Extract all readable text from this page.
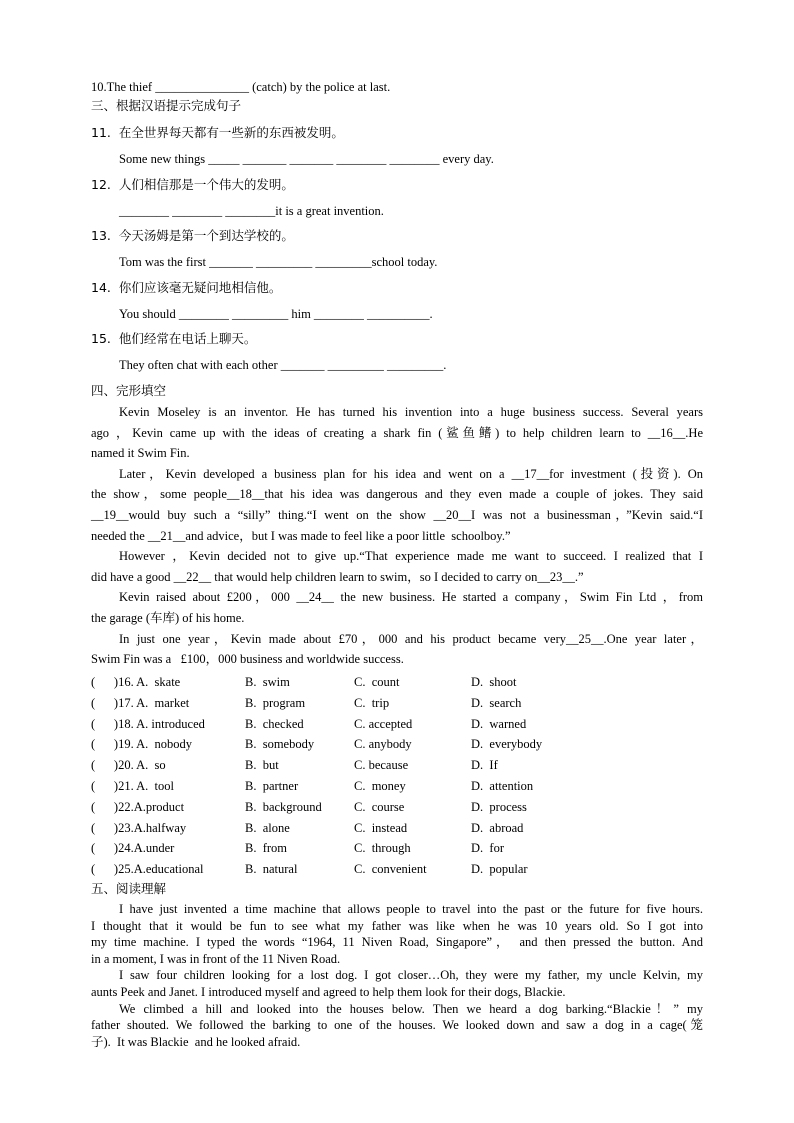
10.The thief _______________ (catch) by the police at last.
三、根据汉语提示完成句子
11.  在全世界每天都有一些新的东西被发明。
Some new things _____ _______ _______ ________ ________ every day.
12.  人们相信那是一个伟大的发明。
________ ________ ________it is a great invention.
13.  今天汤姆是第一个到达学校的。
Tom was the first _______ _________ _________school today.
14.  你们应该毫无疑问地相信他。
You should ________ _________ him ________ __________.
15.  他们经常在电话上聊天。
They often chat with each other _______ _________ _________.
四、完形填空
Kevin Moseley is an inventor. He has turned his invention into a huge business success. Several years
ago ，Kevin came up with the ideas of creating a shark fin (鲨鱼鳍) to help children learn to __16__.He
named it Swim Fin.
Later，Kevin developed a business plan for his idea and went on a __17__for investment (投资). On
the show，some people__18__that his idea was dangerous and they even made a couple of jokes. They said
__19__would buy such a “silly” thing.“I went on the show __20__I was not a businessman，”Kevin said.“I
needed the __21__and advice，but I was made to feel like a poor little  schoolboy.”
However ，Kevin decided not to give up.“That experience made me want to succeed. I realized that I
did have a good __22__ that would help children learn to swim，so I decided to carry on__23__.”
Kevin raised about £200，000 __24__ the new business. He started a company，Swim Fin Ltd ，from
the garage (车库) of his home.
In just one year，Kevin made about £70，000 and his product became very__25__.One year later，
Swim Fin was a   £100，000 business and worldwide success.
(      )16. A.  skate	B.  swim	C.  count	D.  shoot
(      )17. A.  market	B.  program	C.  trip	D.  search
(      )18. A. introduced	B.  checked	C. accepted	D.  warned
(      )19. A.  nobody	B.  somebody	C. anybody	D.  everybody
(      )20. A.  so	B.  but	C. because	D.  If
(      )21. A.  tool	B.  partner	C.  money	D.  attention
(      )22.A.product	B.  background	C.  course	D.  process
(      )23.A.halfway	B.  alone	C.  instead	D.  abroad
(      )24.A.under	B.  from	C.  through	D.  for
(      )25.A.educational	B.  natural	C.  convenient	D.  popular
五、阅读理解
I have just invented a time machine that allows people to travel into the past or the future for five hours.
I thought that it would be fun to see what my father was like when he was 10 years old. So I got into
my time machine. I typed the words “1964, 11 Niven Road, Singapore”， and then pressed the button. And
in a moment, I was in front of the 11 Niven Road.
I saw four children looking for a lost dog. I got closer…Oh, they were my father, my uncle Kelvin, my
aunts Peek and Janet. I introduced myself and agreed to help them look for their dogs, Blackie.
We climbed a hill and looked into the houses below. Then we heard a dog barking.“Blackie！” my
father shouted. We followed the barking to one of the houses. We looked down and saw a dog in a cage(笼
子).  It was Blackie  and he looked afraid.
